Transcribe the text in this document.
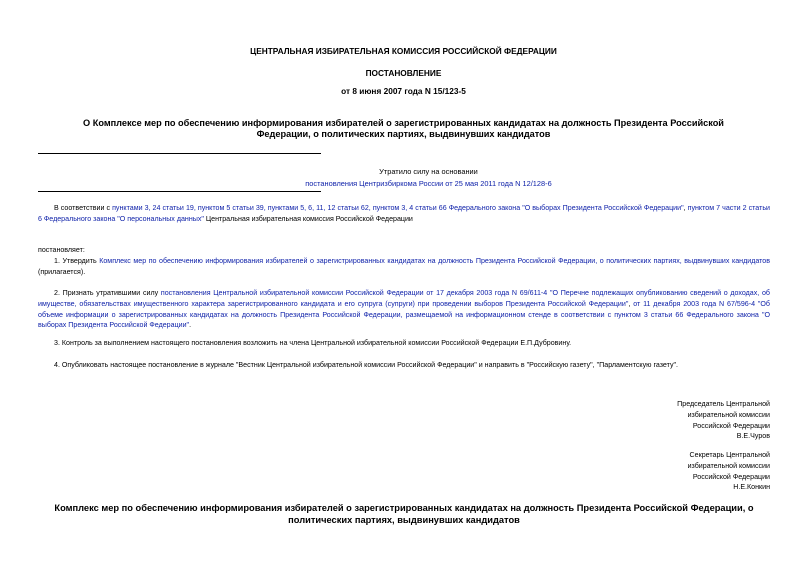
ЦЕНТРАЛЬНАЯ ИЗБИРАТЕЛЬНАЯ КОМИССИЯ РОССИЙСКОЙ ФЕДЕРАЦИИ
ПОСТАНОВЛЕНИЕ
от 8 июня 2007 года N 15/123-5
О Комплексе мер по обеспечению информирования избирателей о зарегистрированных кандидатах на должность Президента Российской Федерации, о политических партиях, выдвинувших кандидатов
Утратило силу на основании
постановления Центризбиркома России от 25 мая 2011 года N 12/128-6
В соответствии с пунктами 3, 24 статьи 19, пунктом 5 статьи 39, пунктами 5, 6, 11, 12 статьи 62, пунктом 3, 4 статьи 66 Федерального закона "О выборах Президента Российской Федерации", пунктом 7 части 2 статьи 6 Федерального закона "О персональных данных" Центральная избирательная комиссия Российской Федерации
постановляет:
1. Утвердить Комплекс мер по обеспечению информирования избирателей о зарегистрированных кандидатах на должность Президента Российской Федерации, о политических партиях, выдвинувших кандидатов (прилагается).
2. Признать утратившими силу постановления Центральной избирательной комиссии Российской Федерации от 17 декабря 2003 года N 69/611-4 "О Перечне подлежащих опубликованию сведений о доходах, об имуществе, обязательствах имущественного характера зарегистрированного кандидата и его супруга (супруги) при проведении выборов Президента Российской Федерации", от 11 декабря 2003 года N 67/596-4 "Об объеме информации о зарегистрированных кандидатах на должность Президента Российской Федерации, размещаемой на информационном стенде в соответствии с пунктом 3 статьи 66 Федерального закона "О выборах Президента Российской Федерации".
3. Контроль за выполнением настоящего постановления возложить на члена Центральной избирательной комиссии Российской Федерации Е.П.Дубровину.
4. Опубликовать настоящее постановление в журнале "Вестник Центральной избирательной комиссии Российской Федерации" и направить в "Российскую газету", "Парламентскую газету".
Председатель Центральной
избирательной комиссии
Российской Федерации
В.Е.Чуров
Секретарь Центральной
избирательной комиссии
Российской Федерации
Н.Е.Конкин
Комплекс мер по обеспечению информирования избирателей о зарегистрированных кандидатах на должность Президента Российской Федерации, о политических партиях, выдвинувших кандидатов
